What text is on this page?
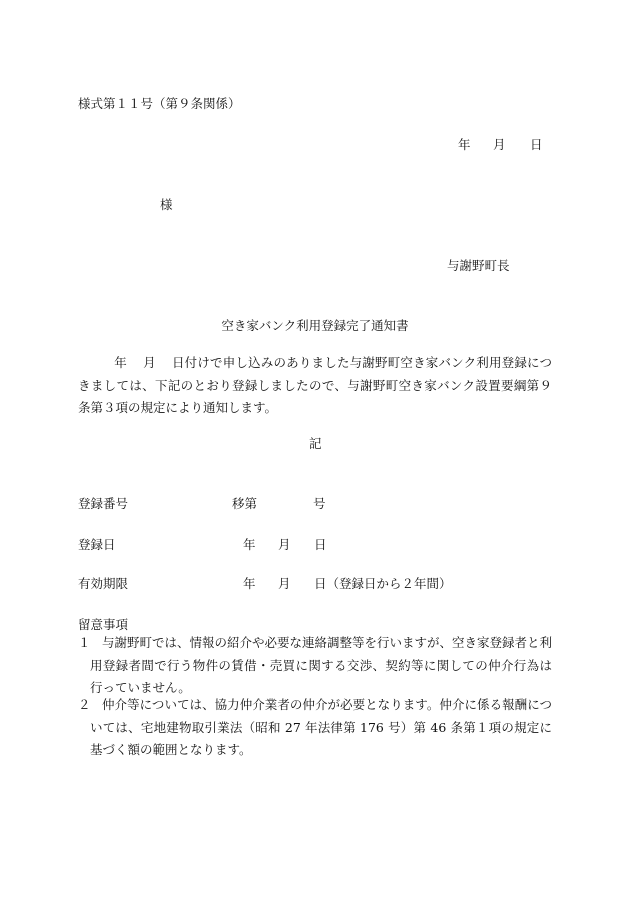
様式第１１号（第９条関係）
年 月 日
様
与謝野町長
空き家バンク利用登録完了通知書
年 月 日付けで申し込みのありました与謝野町空き家バンク利用登録につきましては、下記のとおり登録しましたので、与謝野町空き家バンク設置要綱第９条第３項の規定により通知します。
記
登録番号	移第	号
登録日	年 月 日
有効期限	年 月 日（登録日から２年間）
留意事項
１ 与謝野町では、情報の紹介や必要な連絡調整等を行いますが、空き家登録者と利用登録者間で行う物件の賃借・売買に関する交渉、契約等に関しての仲介行為は行っていません。
２ 仲介等については、協力仲介業者の仲介が必要となります。仲介に係る報酬については、宅地建物取引業法（昭和 27 年法律第 176 号）第 46 条第１項の規定に基づく額の範囲となります。
